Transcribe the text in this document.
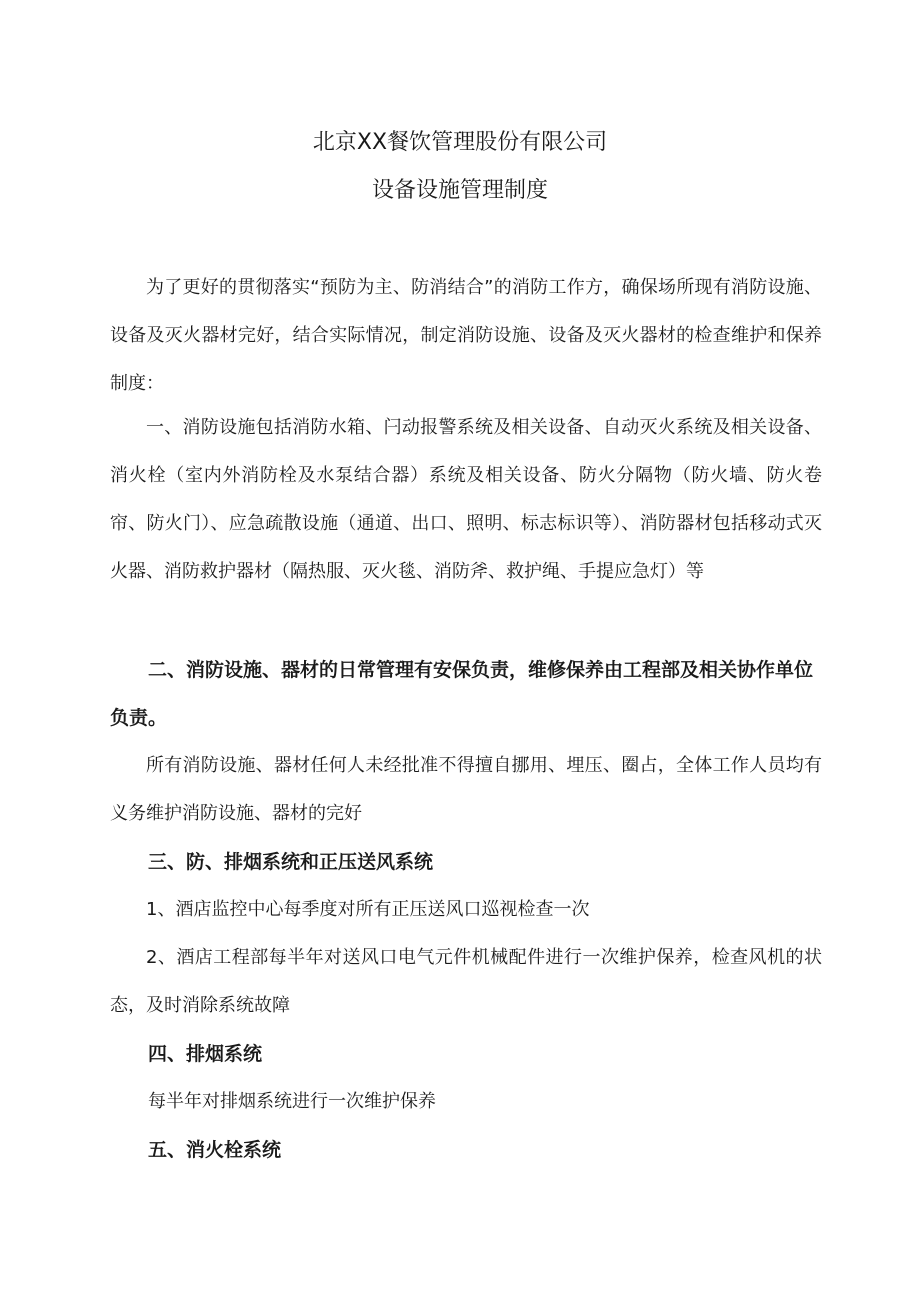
北京XX餐饮管理股份有限公司
设备设施管理制度

为了更好的贯彻落实“预防为主、防消结合”的消防工作方，确保场所现有消防设施、设备及灭火器材完好，结合实际情况，制定消防设施、设备及灭火器材的检查维护和保养制度：

一、消防设施包括消防水箱、闩动报警系统及相关设备、自动灭火系统及相关设备、消火栓（室内外消防栓及水泵结合器）系统及相关设备、防火分隔物（防火墙、防火卷帘、防火门）、应急疏散设施（通道、出口、照明、标志标识等）、消防器材包括移动式灭火器、消防救护器材（隔热服、灭火毯、消防斧、救护绳、手提应急灯）等

二、消防设施、器材的日常管理有安保负责，维修保养由工程部及相关协作单位负责。

所有消防设施、器材任何人未经批准不得擅自挪用、埋压、圈占，全体工作人员均有义务维护消防设施、器材的完好

三、防、排烟系统和正压送风系统

1、酒店监控中心每季度对所有正压送风口巡视检查一次

2、酒店工程部每半年对送风口电气元件机械配件进行一次维护保养，检查风机的状态，及时消除系统故障

四、排烟系统

每半年对排烟系统进行一次维护保养

五、消火栓系统
